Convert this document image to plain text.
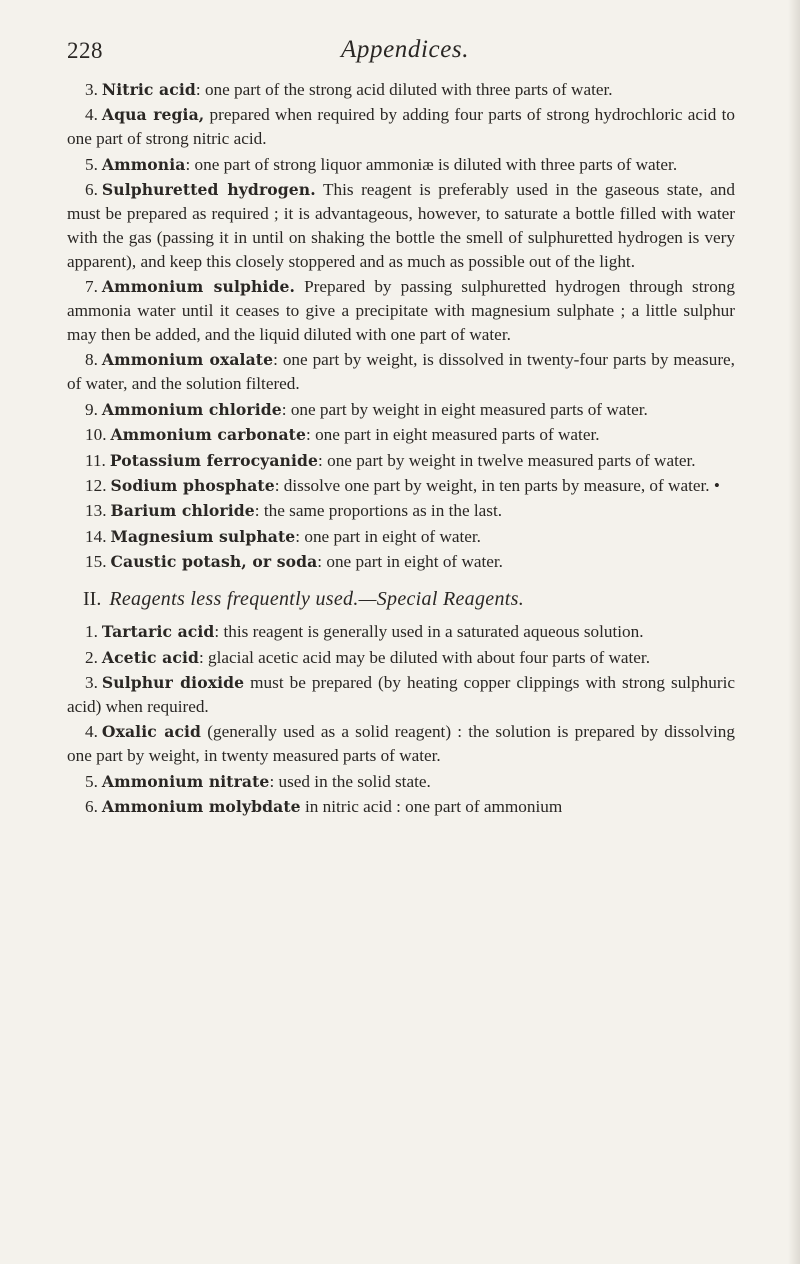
228	Appendices.

3. Nitric acid: one part of the strong acid diluted with three parts of water.

4. Aqua regia, prepared when required by adding four parts of strong hydrochloric acid to one part of strong nitric acid.

5. Ammonia: one part of strong liquor ammoniæ is diluted with three parts of water.

6. Sulphuretted hydrogen. This reagent is preferably used in the gaseous state, and must be prepared as required ; it is advantageous, however, to saturate a bottle filled with water with the gas (passing it in until on shaking the bottle the smell of sulphuretted hydrogen is very apparent), and keep this closely stoppered and as much as possible out of the light.

7. Ammonium sulphide. Prepared by passing sulphuretted hydrogen through strong ammonia water until it ceases to give a precipitate with magnesium sulphate ; a little sulphur may then be added, and the liquid diluted with one part of water.

8. Ammonium oxalate: one part by weight, is dissolved in twenty-four parts by measure, of water, and the solution filtered.

9. Ammonium chloride: one part by weight in eight measured parts of water.

10. Ammonium carbonate: one part in eight measured parts of water.

11. Potassium ferrocyanide: one part by weight in twelve measured parts of water.

12. Sodium phosphate: dissolve one part by weight, in ten parts by measure, of water. •

13. Barium chloride: the same proportions as in the last.

14. Magnesium sulphate: one part in eight of water.

15. Caustic potash, or soda: one part in eight of water.

II. Reagents less frequently used.—Special Reagents.

1. Tartaric acid: this reagent is generally used in a saturated aqueous solution.

2. Acetic acid: glacial acetic acid may be diluted with about four parts of water.

3. Sulphur dioxide must be prepared (by heating copper clippings with strong sulphuric acid) when required.

4. Oxalic acid (generally used as a solid reagent) : the solution is prepared by dissolving one part by weight, in twenty measured parts of water.

5. Ammonium nitrate: used in the solid state.

6. Ammonium molybdate in nitric acid : one part of ammonium
